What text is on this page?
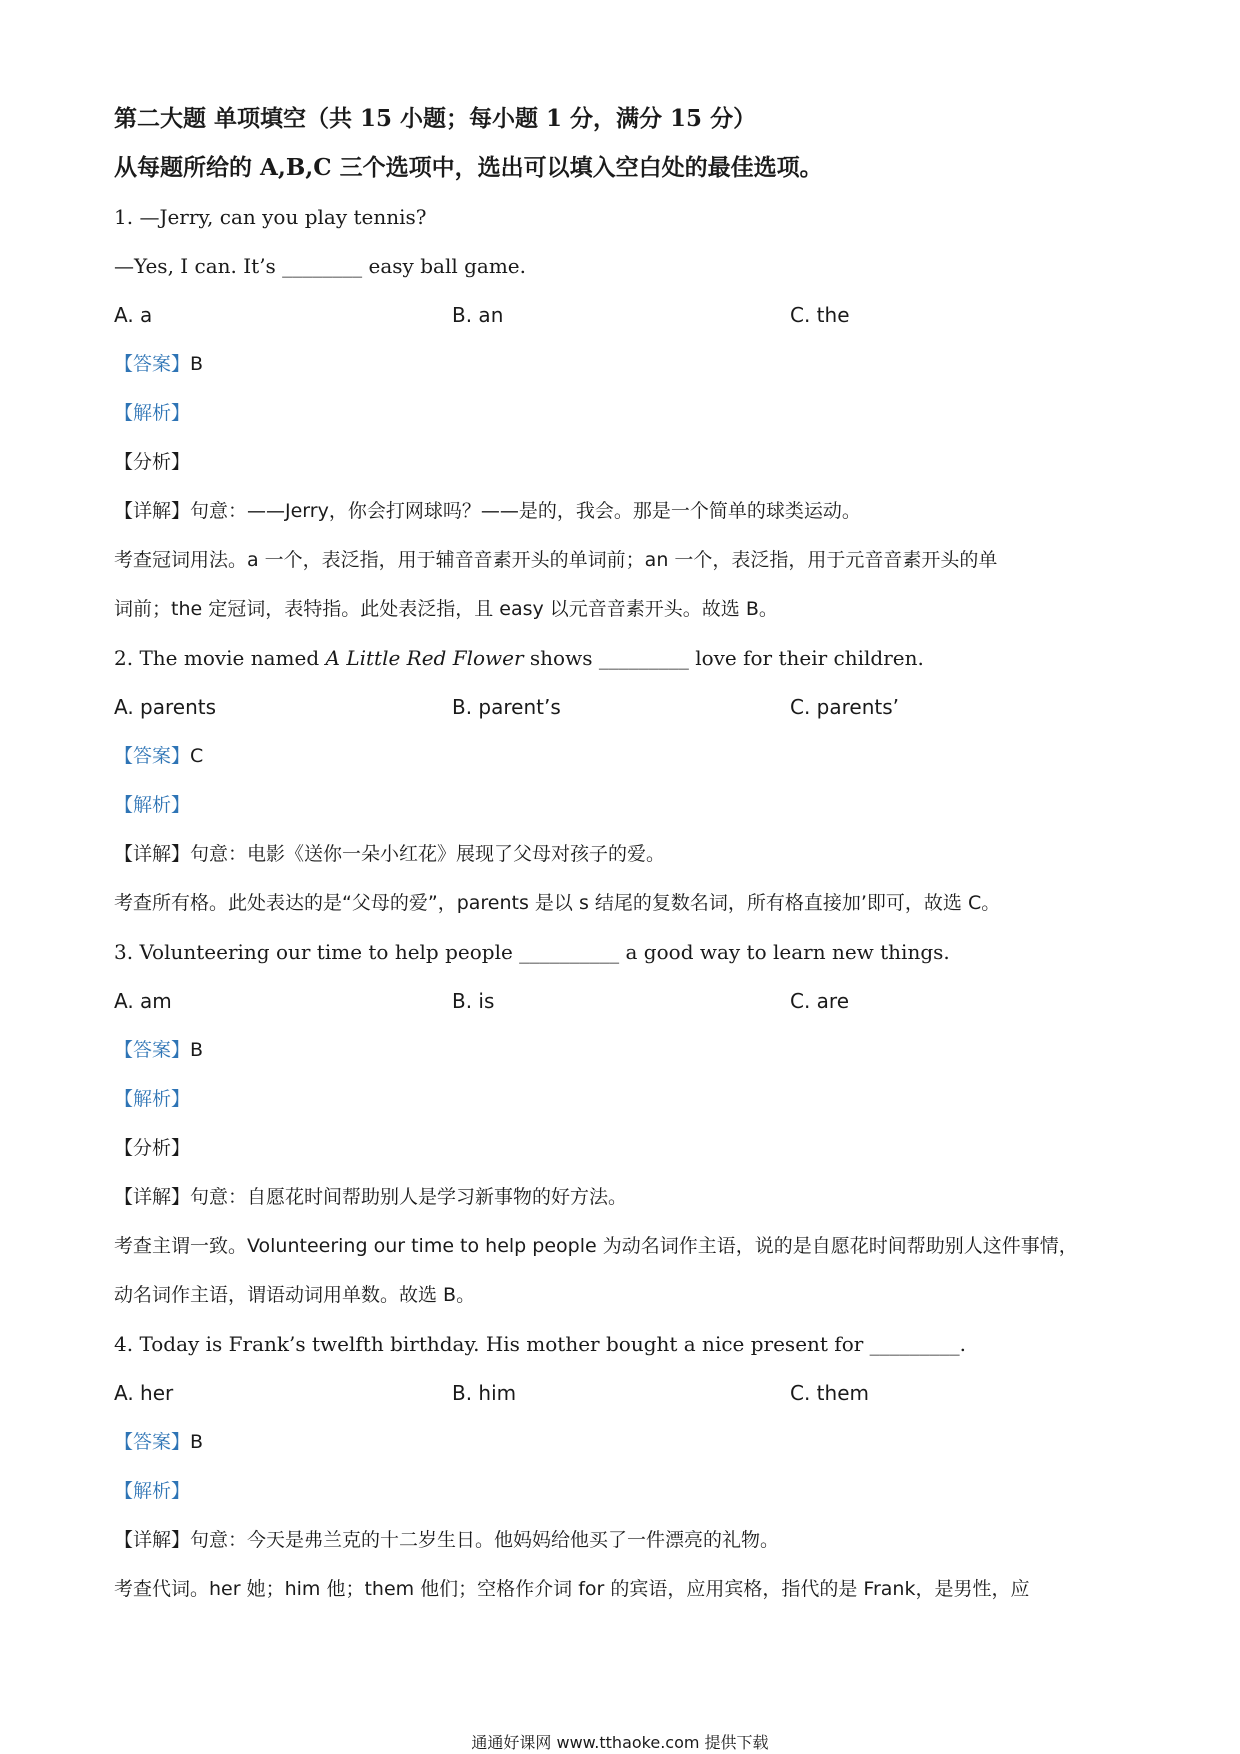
第二大题 单项填空（共 15 小题；每小题 1 分，满分 15 分）
从每题所给的 A,B,C 三个选项中，选出可以填入空白处的最佳选项。
1. —Jerry, can you play tennis?
—Yes, I can. It’s ________ easy ball game.
A. a	B. an	C. the
【答案】B
【解析】
【分析】
【详解】句意：——Jerry，你会打网球吗？——是的，我会。那是一个简单的球类运动。
考查冠词用法。a 一个，表泛指，用于辅音音素开头的单词前；an 一个，表泛指，用于元音音素开头的单
词前；the 定冠词，表特指。此处表泛指，且 easy 以元音音素开头。故选 B。
2. The movie named A Little Red Flower shows _________ love for their children.
A. parents	B. parent’s	C. parents’
【答案】C
【解析】
【详解】句意：电影《送你一朵小红花》展现了父母对孩子的爱。
考查所有格。此处表达的是“父母的爱”，parents 是以 s 结尾的复数名词，所有格直接加’即可，故选 C。
3. Volunteering our time to help people __________ a good way to learn new things.
A. am	B. is	C. are
【答案】B
【解析】
【分析】
【详解】句意：自愿花时间帮助别人是学习新事物的好方法。
考查主谓一致。Volunteering our time to help people 为动名词作主语，说的是自愿花时间帮助别人这件事情，
动名词作主语，谓语动词用单数。故选 B。
4. Today is Frank’s twelfth birthday. His mother bought a nice present for _________.
A. her	B. him	C. them
【答案】B
【解析】
【详解】句意：今天是弗兰克的十二岁生日。他妈妈给他买了一件漂亮的礼物。
考查代词。her 她；him 他；them 他们；空格作介词 for 的宾语，应用宾格，指代的是 Frank，是男性，应
通通好课网 www.tthaoke.com 提供下载
